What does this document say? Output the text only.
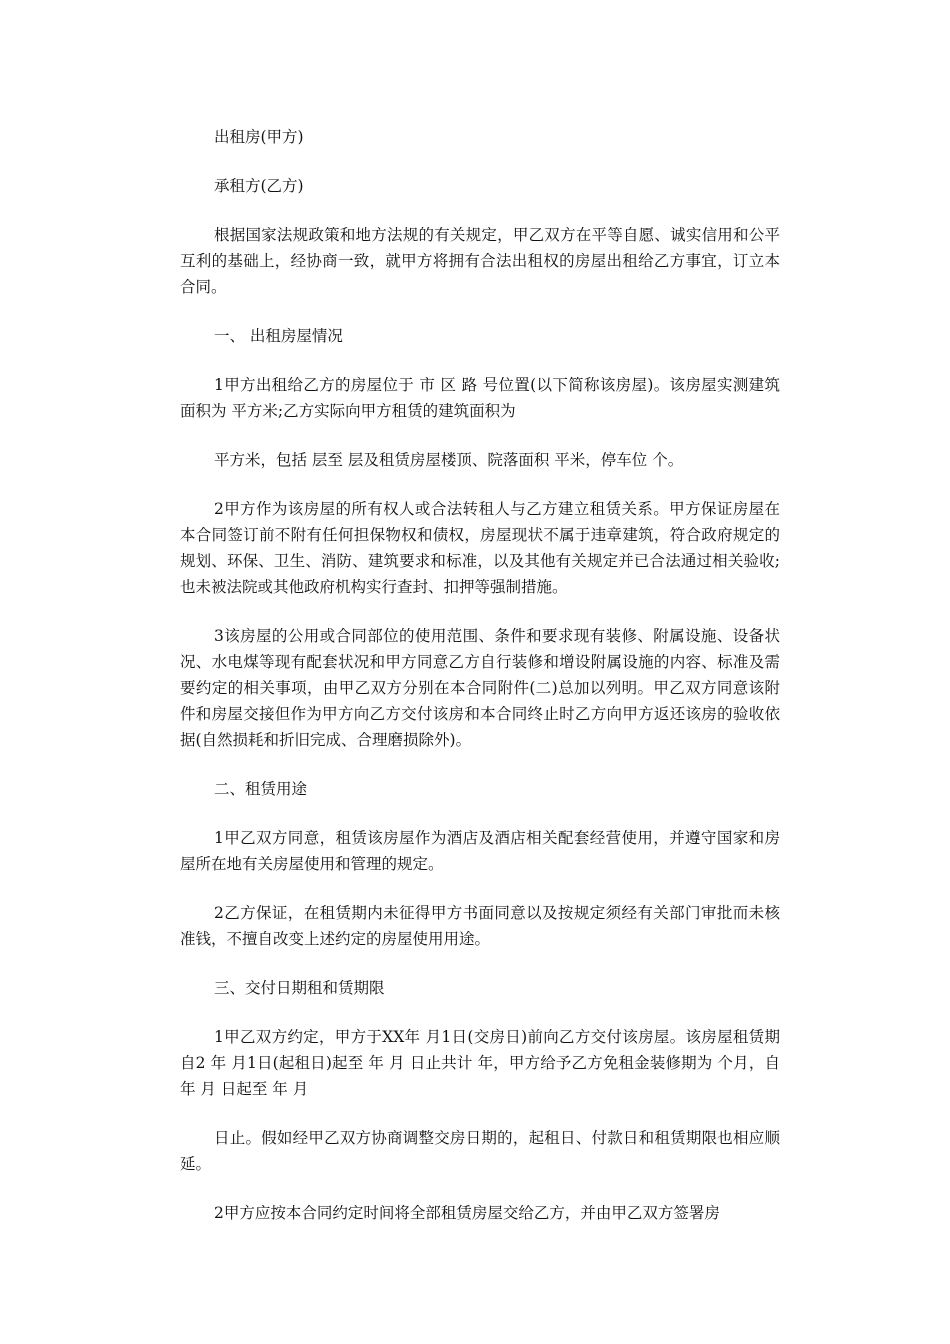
出租房(甲方)

承租方(乙方)

根据国家法规政策和地方法规的有关规定，甲乙双方在平等自愿、诚实信用和公平互利的基础上，经协商一致，就甲方将拥有合法出租权的房屋出租给乙方事宜，订立本合同。

一、 出租房屋情况

1甲方出租给乙方的房屋位于 市 区 路 号位置(以下简称该房屋)。该房屋实测建筑面积为 平方米;乙方实际向甲方租赁的建筑面积为

平方米，包括 层至 层及租赁房屋楼顶、院落面积 平米，停车位 个。

2甲方作为该房屋的所有权人或合法转租人与乙方建立租赁关系。甲方保证房屋在本合同签订前不附有任何担保物权和债权，房屋现状不属于违章建筑，符合政府规定的规划、环保、卫生、消防、建筑要求和标准，以及其他有关规定并已合法通过相关验收;也未被法院或其他政府机构实行查封、扣押等强制措施。

3该房屋的公用或合同部位的使用范围、条件和要求现有装修、附属设施、设备状况、水电煤等现有配套状况和甲方同意乙方自行装修和增设附属设施的内容、标准及需要约定的相关事项，由甲乙双方分别在本合同附件(二)总加以列明。甲乙双方同意该附件和房屋交接但作为甲方向乙方交付该房和本合同终止时乙方向甲方返还该房的验收依据(自然损耗和折旧完成、合理磨损除外)。

二、租赁用途

1甲乙双方同意，租赁该房屋作为酒店及酒店相关配套经营使用，并遵守国家和房屋所在地有关房屋使用和管理的规定。

2乙方保证，在租赁期内未征得甲方书面同意以及按规定须经有关部门审批而未核准钱，不擅自改变上述约定的房屋使用用途。

三、交付日期租和赁期限

1甲乙双方约定，甲方于XX年 月1日(交房日)前向乙方交付该房屋。该房屋租赁期自2 年 月1日(起租日)起至 年 月 日止共计 年，甲方给予乙方免租金装修期为 个月，自 年 月 日起至 年 月

日止。假如经甲乙双方协商调整交房日期的，起租日、付款日和租赁期限也相应顺延。

2甲方应按本合同约定时间将全部租赁房屋交给乙方，并由甲乙双方签署房
